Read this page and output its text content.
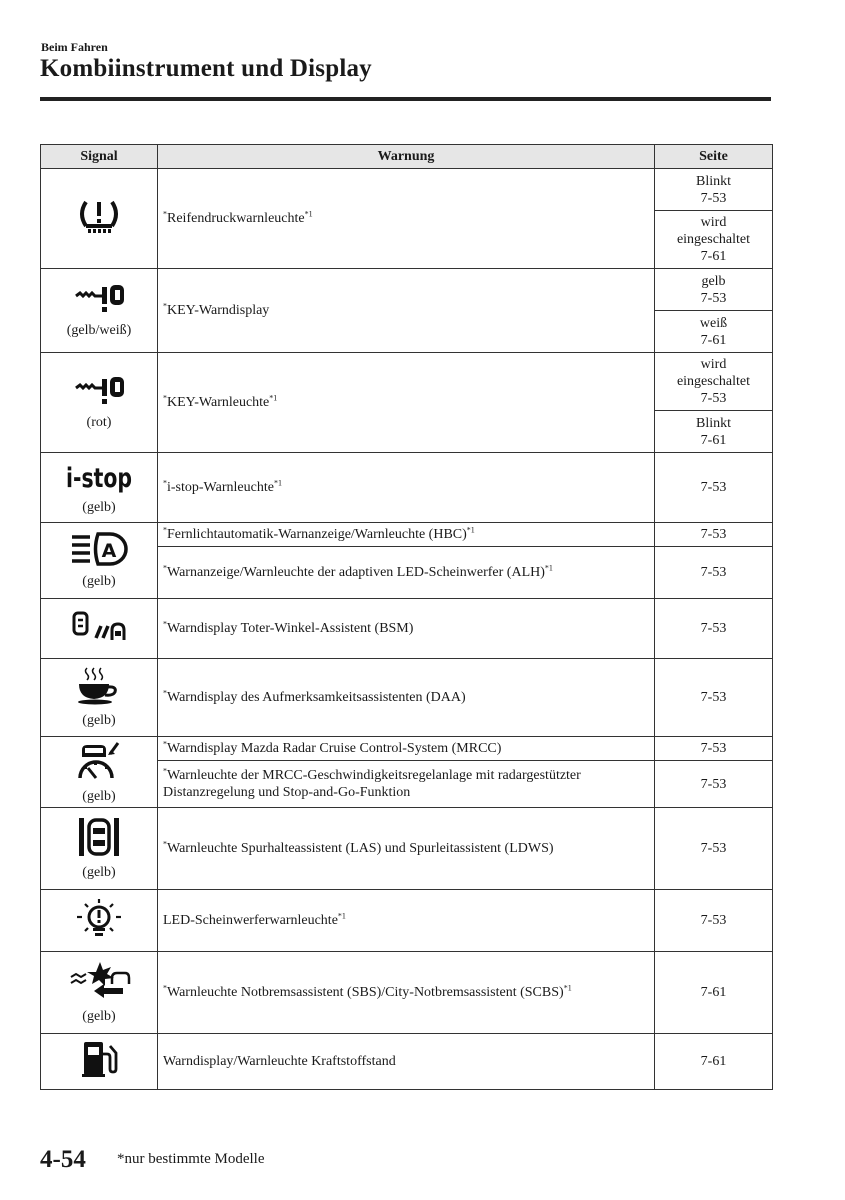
Beim Fahren
Kombiinstrument und Display
Signal	Warnung	Seite

	*Reifendruckwarnleuchte$^{*1}$	Blinkt
7-53
		wird
eingeschaltet
7-61

(gelb/weiß)	*KEY-Warndisplay	gelb
7-53
		weiß
7-61

(rot)	*KEY-Warnleuchte$^{*1}$	wird
eingeschaltet
7-53
		Blinkt
7-61

i-stop
(gelb)	*i-stop-Warnleuchte$^{*1}$	7-53

A
(gelb)	*Fernlichtautomatik-Warnanzeige/Warnleuchte (HBC)$^{*1}$	7-53
	*Warnanzeige/Warnleuchte der adaptiven LED-Scheinwerfer (ALH)$^{*1}$	7-53

	*Warndisplay Toter-Winkel-Assistent (BSM)	7-53

(gelb)	*Warndisplay des Aufmerksamkeitsassistenten (DAA)	7-53

(gelb)	*Warndisplay Mazda Radar Cruise Control-System (MRCC)	7-53
	*Warnleuchte der MRCC-Geschwindigkeitsregelanlage mit radargestützter Distanzregelung und Stop-and-Go-Funktion	7-53

(gelb)	*Warnleuchte Spurhalteassistent (LAS) und Spurleitassistent (LDWS)	7-53

	LED-Scheinwerferwarnleuchte$^{*1}$	7-53

(gelb)	*Warnleuchte Notbremsassistent (SBS)/City-Notbremsassistent (SCBS)$^{*1}$	7-61

	Warndisplay/Warnleuchte Kraftstoffstand	7-61
4-54 *nur bestimmte Modelle
